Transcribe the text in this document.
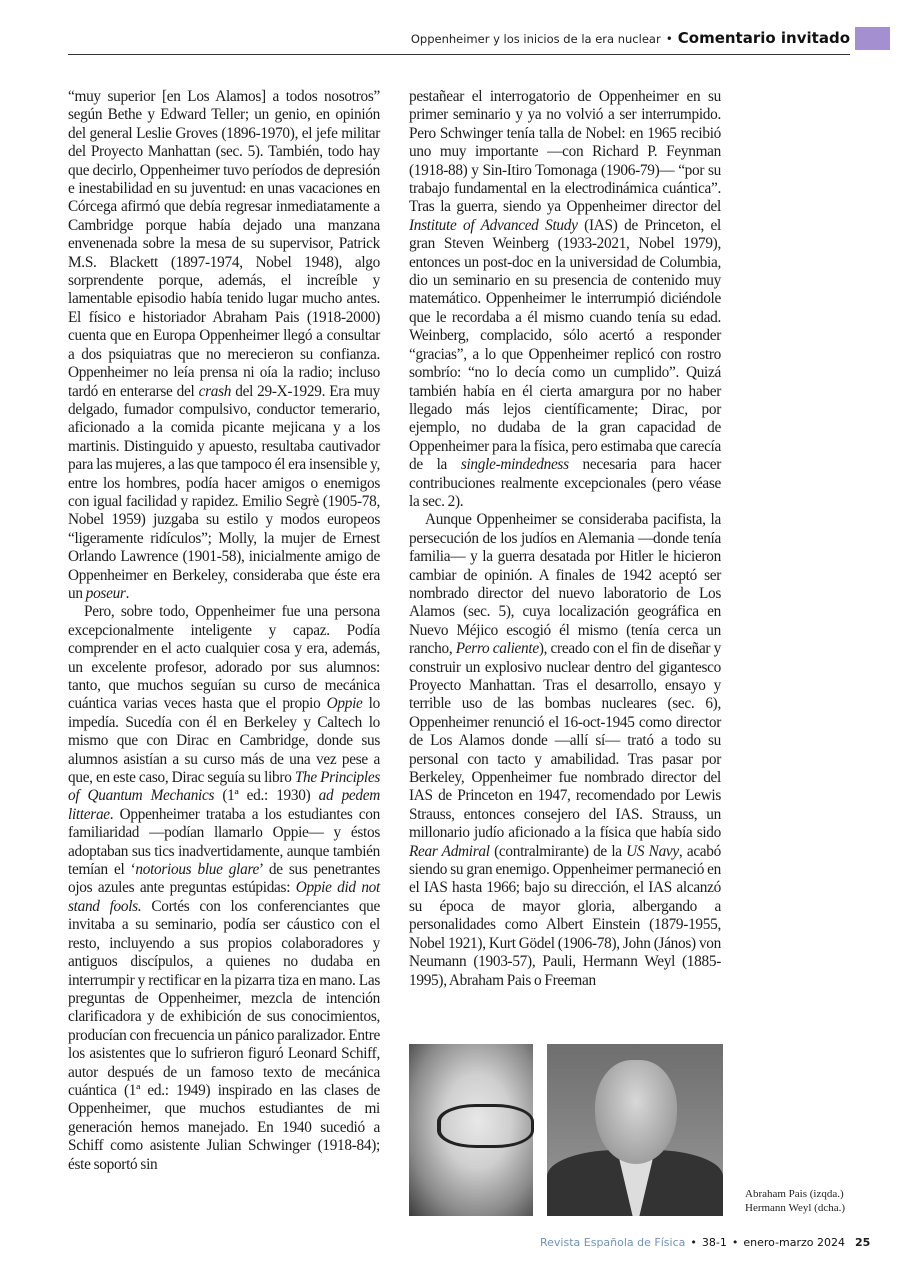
Oppenheimer y los inicios de la era nuclear • Comentario invitado

“muy superior [en Los Alamos] a todos nosotros” según Bethe y Edward Teller; un genio, en opinión del general Leslie Groves (1896-1970), el jefe militar del Proyecto Manhattan (sec. 5). También, todo hay que decirlo, Oppenheimer tuvo períodos de depresión e inestabilidad en su juventud: en unas vacaciones en Córcega afirmó que debía regresar inmediatamente a Cambridge porque había dejado una manzana envenenada sobre la mesa de su supervisor, Patrick M.S. Blackett (1897-1974, Nobel 1948), algo sorprendente porque, además, el increíble y lamentable episodio había tenido lugar mucho antes. El físico e historiador Abraham Pais (1918-2000) cuenta que en Europa Oppenheimer llegó a consultar a dos psiquiatras que no merecieron su confianza. Oppenheimer no leía prensa ni oía la radio; incluso tardó en enterarse del crash del 29-X-1929. Era muy delgado, fumador compulsivo, conductor temerario, aficionado a la comida picante mejicana y a los martinis. Distinguido y apuesto, resultaba cautivador para las mujeres, a las que tampoco él era insensible y, entre los hombres, podía hacer amigos o enemigos con igual facilidad y rapidez. Emilio Segrè (1905-78, Nobel 1959) juzgaba su estilo y modos europeos “ligeramente ridículos”; Molly, la mujer de Ernest Orlando Lawrence (1901-58), inicialmente amigo de Oppenheimer en Berkeley, consideraba que éste era un poseur.

Pero, sobre todo, Oppenheimer fue una persona excepcionalmente inteligente y capaz. Podía comprender en el acto cualquier cosa y era, además, un excelente profesor, adorado por sus alumnos: tanto, que muchos seguían su curso de mecánica cuántica varias veces hasta que el propio Oppie lo impedía. Sucedía con él en Berkeley y Caltech lo mismo que con Dirac en Cambridge, donde sus alumnos asistían a su curso más de una vez pese a que, en este caso, Dirac seguía su libro The Principles of Quantum Mechanics (1ª ed.: 1930) ad pedem litterae. Oppenheimer trataba a los estudiantes con familiaridad —podían llamarlo Oppie— y éstos adoptaban sus tics inadvertidamente, aunque también temían el ‘notorious blue glare’ de sus penetrantes ojos azules ante preguntas estúpidas: Oppie did not stand fools. Cortés con los conferenciantes que invitaba a su seminario, podía ser cáustico con el resto, incluyendo a sus propios colaboradores y antiguos discípulos, a quienes no dudaba en interrumpir y rectificar en la pizarra tiza en mano. Las preguntas de Oppenheimer, mezcla de intención clarificadora y de exhibición de sus conocimientos, producían con frecuencia un pánico paralizador. Entre los asistentes que lo sufrieron figuró Leonard Schiff, autor después de un famoso texto de mecánica cuántica (1ª ed.: 1949) inspirado en las clases de Oppenheimer, que muchos estudiantes de mi generación hemos manejado. En 1940 sucedió a Schiff como asistente Julian Schwinger (1918-84); éste soportó sin

pestañear el interrogatorio de Oppenheimer en su primer seminario y ya no volvió a ser interrumpido. Pero Schwinger tenía talla de Nobel: en 1965 recibió uno muy importante —con Richard P. Feynman (1918-88) y Sin-Itiro Tomonaga (1906-79)— “por su trabajo fundamental en la electrodinámica cuántica”. Tras la guerra, siendo ya Oppenheimer director del Institute of Advanced Study (IAS) de Princeton, el gran Steven Weinberg (1933-2021, Nobel 1979), entonces un post-doc en la universidad de Columbia, dio un seminario en su presencia de contenido muy matemático. Oppenheimer le interrumpió diciéndole que le recordaba a él mismo cuando tenía su edad. Weinberg, complacido, sólo acertó a responder “gracias”, a lo que Oppenheimer replicó con rostro sombrío: “no lo decía como un cumplido”. Quizá también había en él cierta amargura por no haber llegado más lejos científicamente; Dirac, por ejemplo, no dudaba de la gran capacidad de Oppenheimer para la física, pero estimaba que carecía de la single-mindedness necesaria para hacer contribuciones realmente excepcionales (pero véase la sec. 2).

Aunque Oppenheimer se consideraba pacifista, la persecución de los judíos en Alemania —donde tenía familia— y la guerra desatada por Hitler le hicieron cambiar de opinión. A finales de 1942 aceptó ser nombrado director del nuevo laboratorio de Los Alamos (sec. 5), cuya localización geográfica en Nuevo Méjico escogió él mismo (tenía cerca un rancho, Perro caliente), creado con el fin de diseñar y construir un explosivo nuclear dentro del gigantesco Proyecto Manhattan. Tras el desarrollo, ensayo y terrible uso de las bombas nucleares (sec. 6), Oppenheimer renunció el 16-oct-1945 como director de Los Alamos donde —allí sí— trató a todo su personal con tacto y amabilidad. Tras pasar por Berkeley, Oppenheimer fue nombrado director del IAS de Princeton en 1947, recomendado por Lewis Strauss, entonces consejero del IAS. Strauss, un millonario judío aficionado a la física que había sido Rear Admiral (contralmirante) de la US Navy, acabó siendo su gran enemigo. Oppenheimer permaneció en el IAS hasta 1966; bajo su dirección, el IAS alcanzó su época de mayor gloria, albergando a personalidades como Albert Einstein (1879-1955, Nobel 1921), Kurt Gödel (1906-78), John (János) von Neumann (1903-57), Pauli, Hermann Weyl (1885-1995), Abraham Pais o Freeman

Abraham Pais (izqda.)
Hermann Weyl (dcha.)
Revista Española de Física • 38-1 • enero-marzo 2024 25
